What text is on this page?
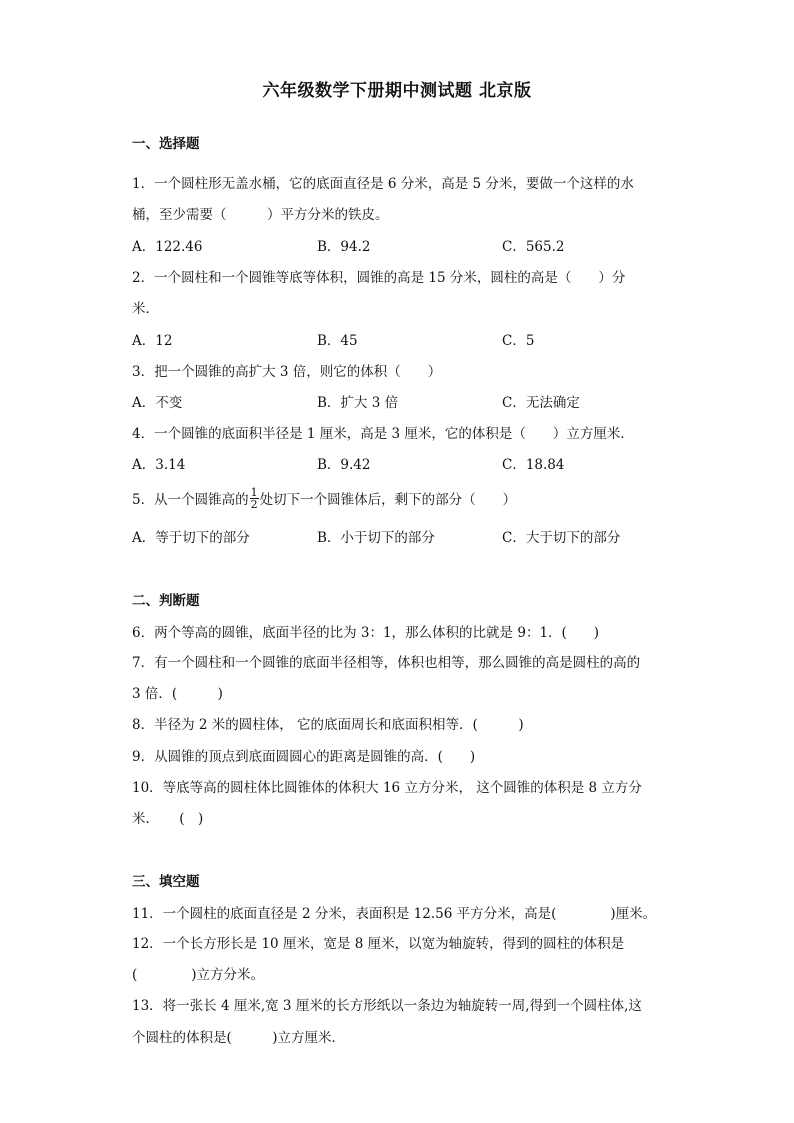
六年级数学下册期中测试题 北京版
一、选择题
1．一个圆柱形无盖水桶，它的底面直径是 6 分米，高是 5 分米，要做一个这样的水
桶，至少需要（　　　）平方分米的铁皮。
A．122.46	B．94.2	C．565.2
2．一个圆柱和一个圆锥等底等体积，圆锥的高是 15 分米，圆柱的高是（　　）分
米．
A．12	B．45	C．5
3．把一个圆锥的高扩大 3 倍，则它的体积（　　）
A．不变	B．扩大 3 倍	C．无法确定
4．一个圆锥的底面积半径是 1 厘米，高是 3 厘米，它的体积是（　　）立方厘米．
A．3.14	B．9.42	C．18.84
5．从一个圆锥高的 $\frac{1}{2}$ 处切下一个圆锥体后，剩下的部分（　　）
A．等于切下的部分	B．小于切下的部分	C．大于切下的部分
二、判断题
6．两个等高的圆锥，底面半径的比为 3：1，那么体积的比就是 9：1．(　　)
7．有一个圆柱和一个圆锥的底面半径相等，体积也相等，那么圆锥的高是圆柱的高的
3 倍．(　　　)
8．半径为 2 米的圆柱体， 它的底面周长和底面积相等．(　　　)
9．从圆锥的顶点到底面圆圆心的距离是圆锥的高．(　　)
10．等底等高的圆柱体比圆锥体的体积大 16 立方分米， 这个圆锥的体积是 8 立方分
米．　　(　)
三、填空题
11．一个圆柱的底面直径是 2 分米，表面积是 12.56 平方分米，高是(　　　　)厘米。
12．一个长方形长是 10 厘米，宽是 8 厘米，以宽为轴旋转，得到的圆柱的体积是
(　　　　)立方分米。
13．将一张长 4 厘米,宽 3 厘米的长方形纸以一条边为轴旋转一周,得到一个圆柱体,这
个圆柱的体积是(　　　)立方厘米．
